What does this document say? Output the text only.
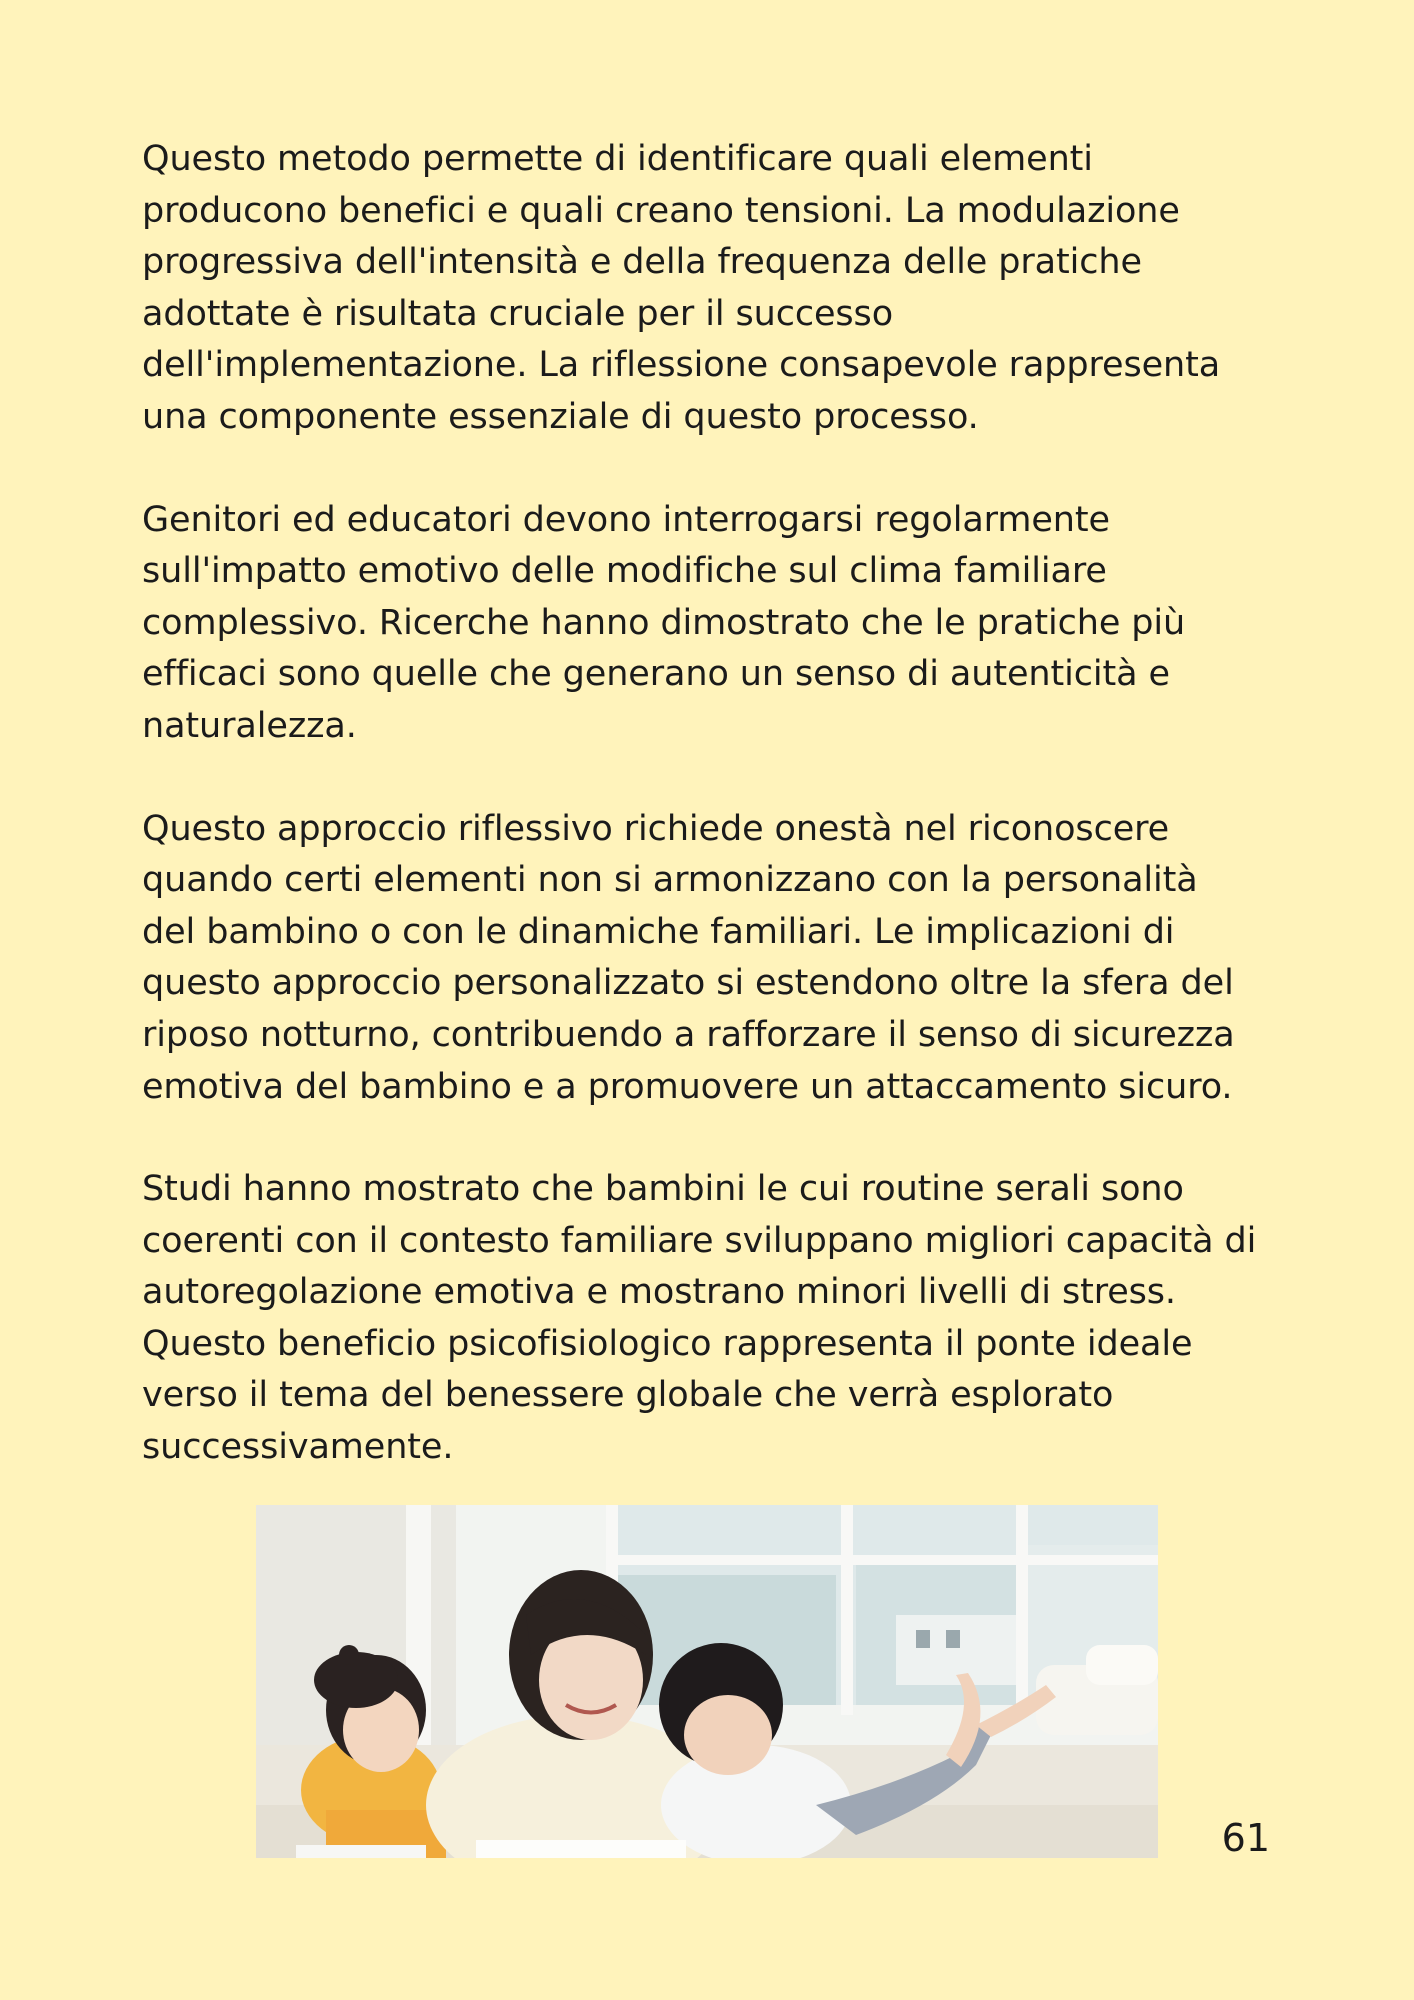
Questo metodo permette di identificare quali elementi
producono benefici e quali creano tensioni. La modulazione
progressiva dell'intensità e della frequenza delle pratiche
adottate è risultata cruciale per il successo
dell'implementazione. La riflessione consapevole rappresenta
una componente essenziale di questo processo.

Genitori ed educatori devono interrogarsi regolarmente
sull'impatto emotivo delle modifiche sul clima familiare
complessivo. Ricerche hanno dimostrato che le pratiche più
efficaci sono quelle che generano un senso di autenticità e
naturalezza.

Questo approccio riflessivo richiede onestà nel riconoscere
quando certi elementi non si armonizzano con la personalità
del bambino o con le dinamiche familiari. Le implicazioni di
questo approccio personalizzato si estendono oltre la sfera del
riposo notturno, contribuendo a rafforzare il senso di sicurezza
emotiva del bambino e a promuovere un attaccamento sicuro.

Studi hanno mostrato che bambini le cui routine serali sono
coerenti con il contesto familiare sviluppano migliori capacità di
autoregolazione emotiva e mostrano minori livelli di stress.
Questo beneficio psicofisiologico rappresenta il ponte ideale
verso il tema del benessere globale che verrà esplorato
successivamente.

61
